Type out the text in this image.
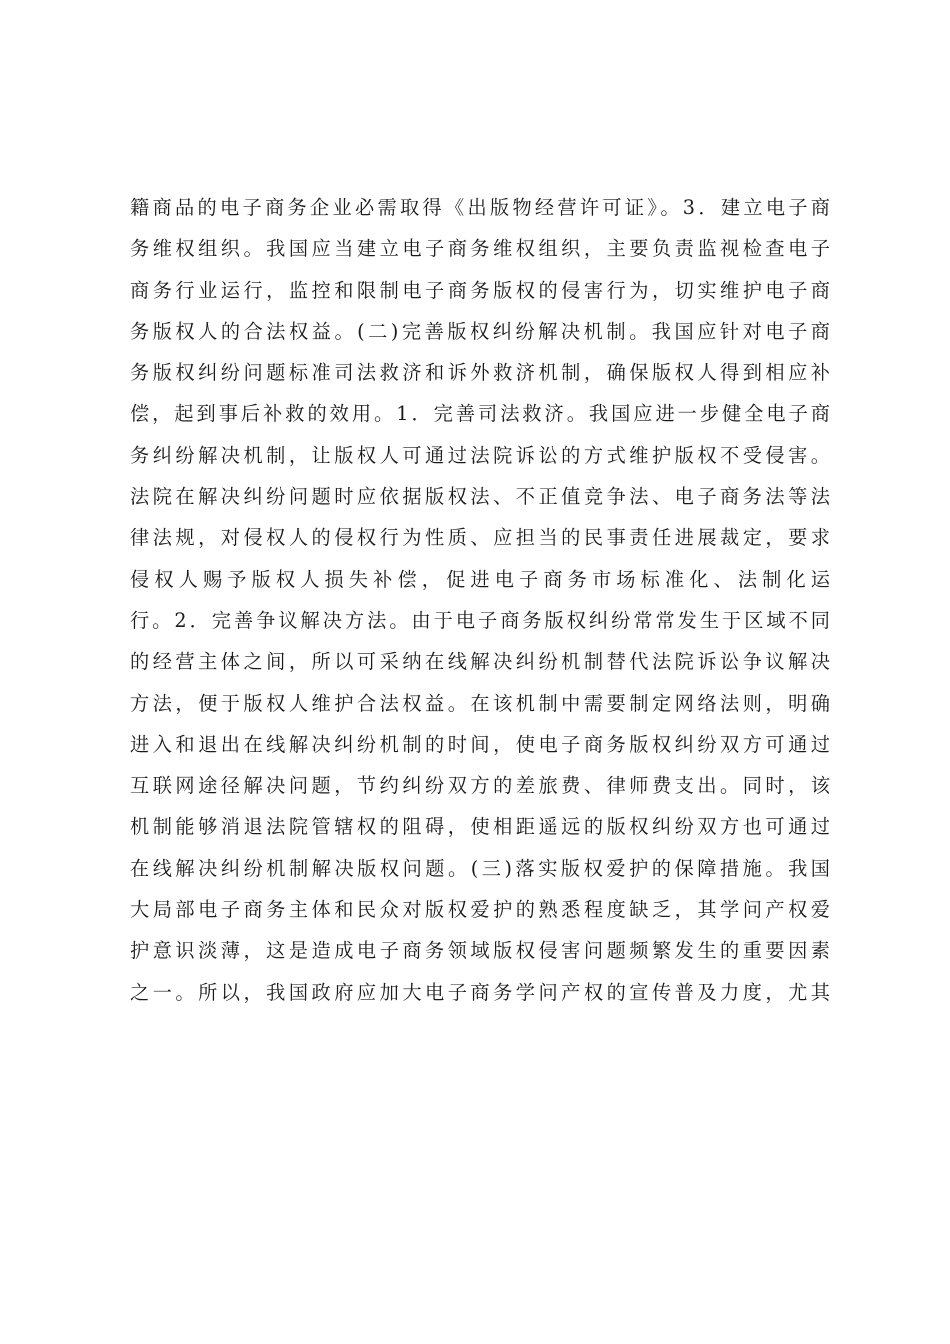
籍商品的电子商务企业必需取得《出版物经营许可证》。3．建立电子商
务维权组织。我国应当建立电子商务维权组织，主要负责监视检查电子
商务行业运行，监控和限制电子商务版权的侵害行为，切实维护电子商
务版权人的合法权益。(二)完善版权纠纷解决机制。我国应针对电子商
务版权纠纷问题标准司法救济和诉外救济机制，确保版权人得到相应补
偿，起到事后补救的效用。1．完善司法救济。我国应进一步健全电子商
务纠纷解决机制，让版权人可通过法院诉讼的方式维护版权不受侵害。
法院在解决纠纷问题时应依据版权法、不正值竞争法、电子商务法等法
律法规，对侵权人的侵权行为性质、应担当的民事责任进展裁定，要求
侵权人赐予版权人损失补偿，促进电子商务市场标准化、法制化运
行。2．完善争议解决方法。由于电子商务版权纠纷常常发生于区域不同
的经营主体之间，所以可采纳在线解决纠纷机制替代法院诉讼争议解决
方法，便于版权人维护合法权益。在该机制中需要制定网络法则，明确
进入和退出在线解决纠纷机制的时间，使电子商务版权纠纷双方可通过
互联网途径解决问题，节约纠纷双方的差旅费、律师费支出。同时，该
机制能够消退法院管辖权的阻碍，使相距遥远的版权纠纷双方也可通过
在线解决纠纷机制解决版权问题。(三)落实版权爱护的保障措施。我国
大局部电子商务主体和民众对版权爱护的熟悉程度缺乏，其学问产权爱
护意识淡薄，这是造成电子商务领域版权侵害问题频繁发生的重要因素
之一。所以，我国政府应加大电子商务学问产权的宣传普及力度，尤其
